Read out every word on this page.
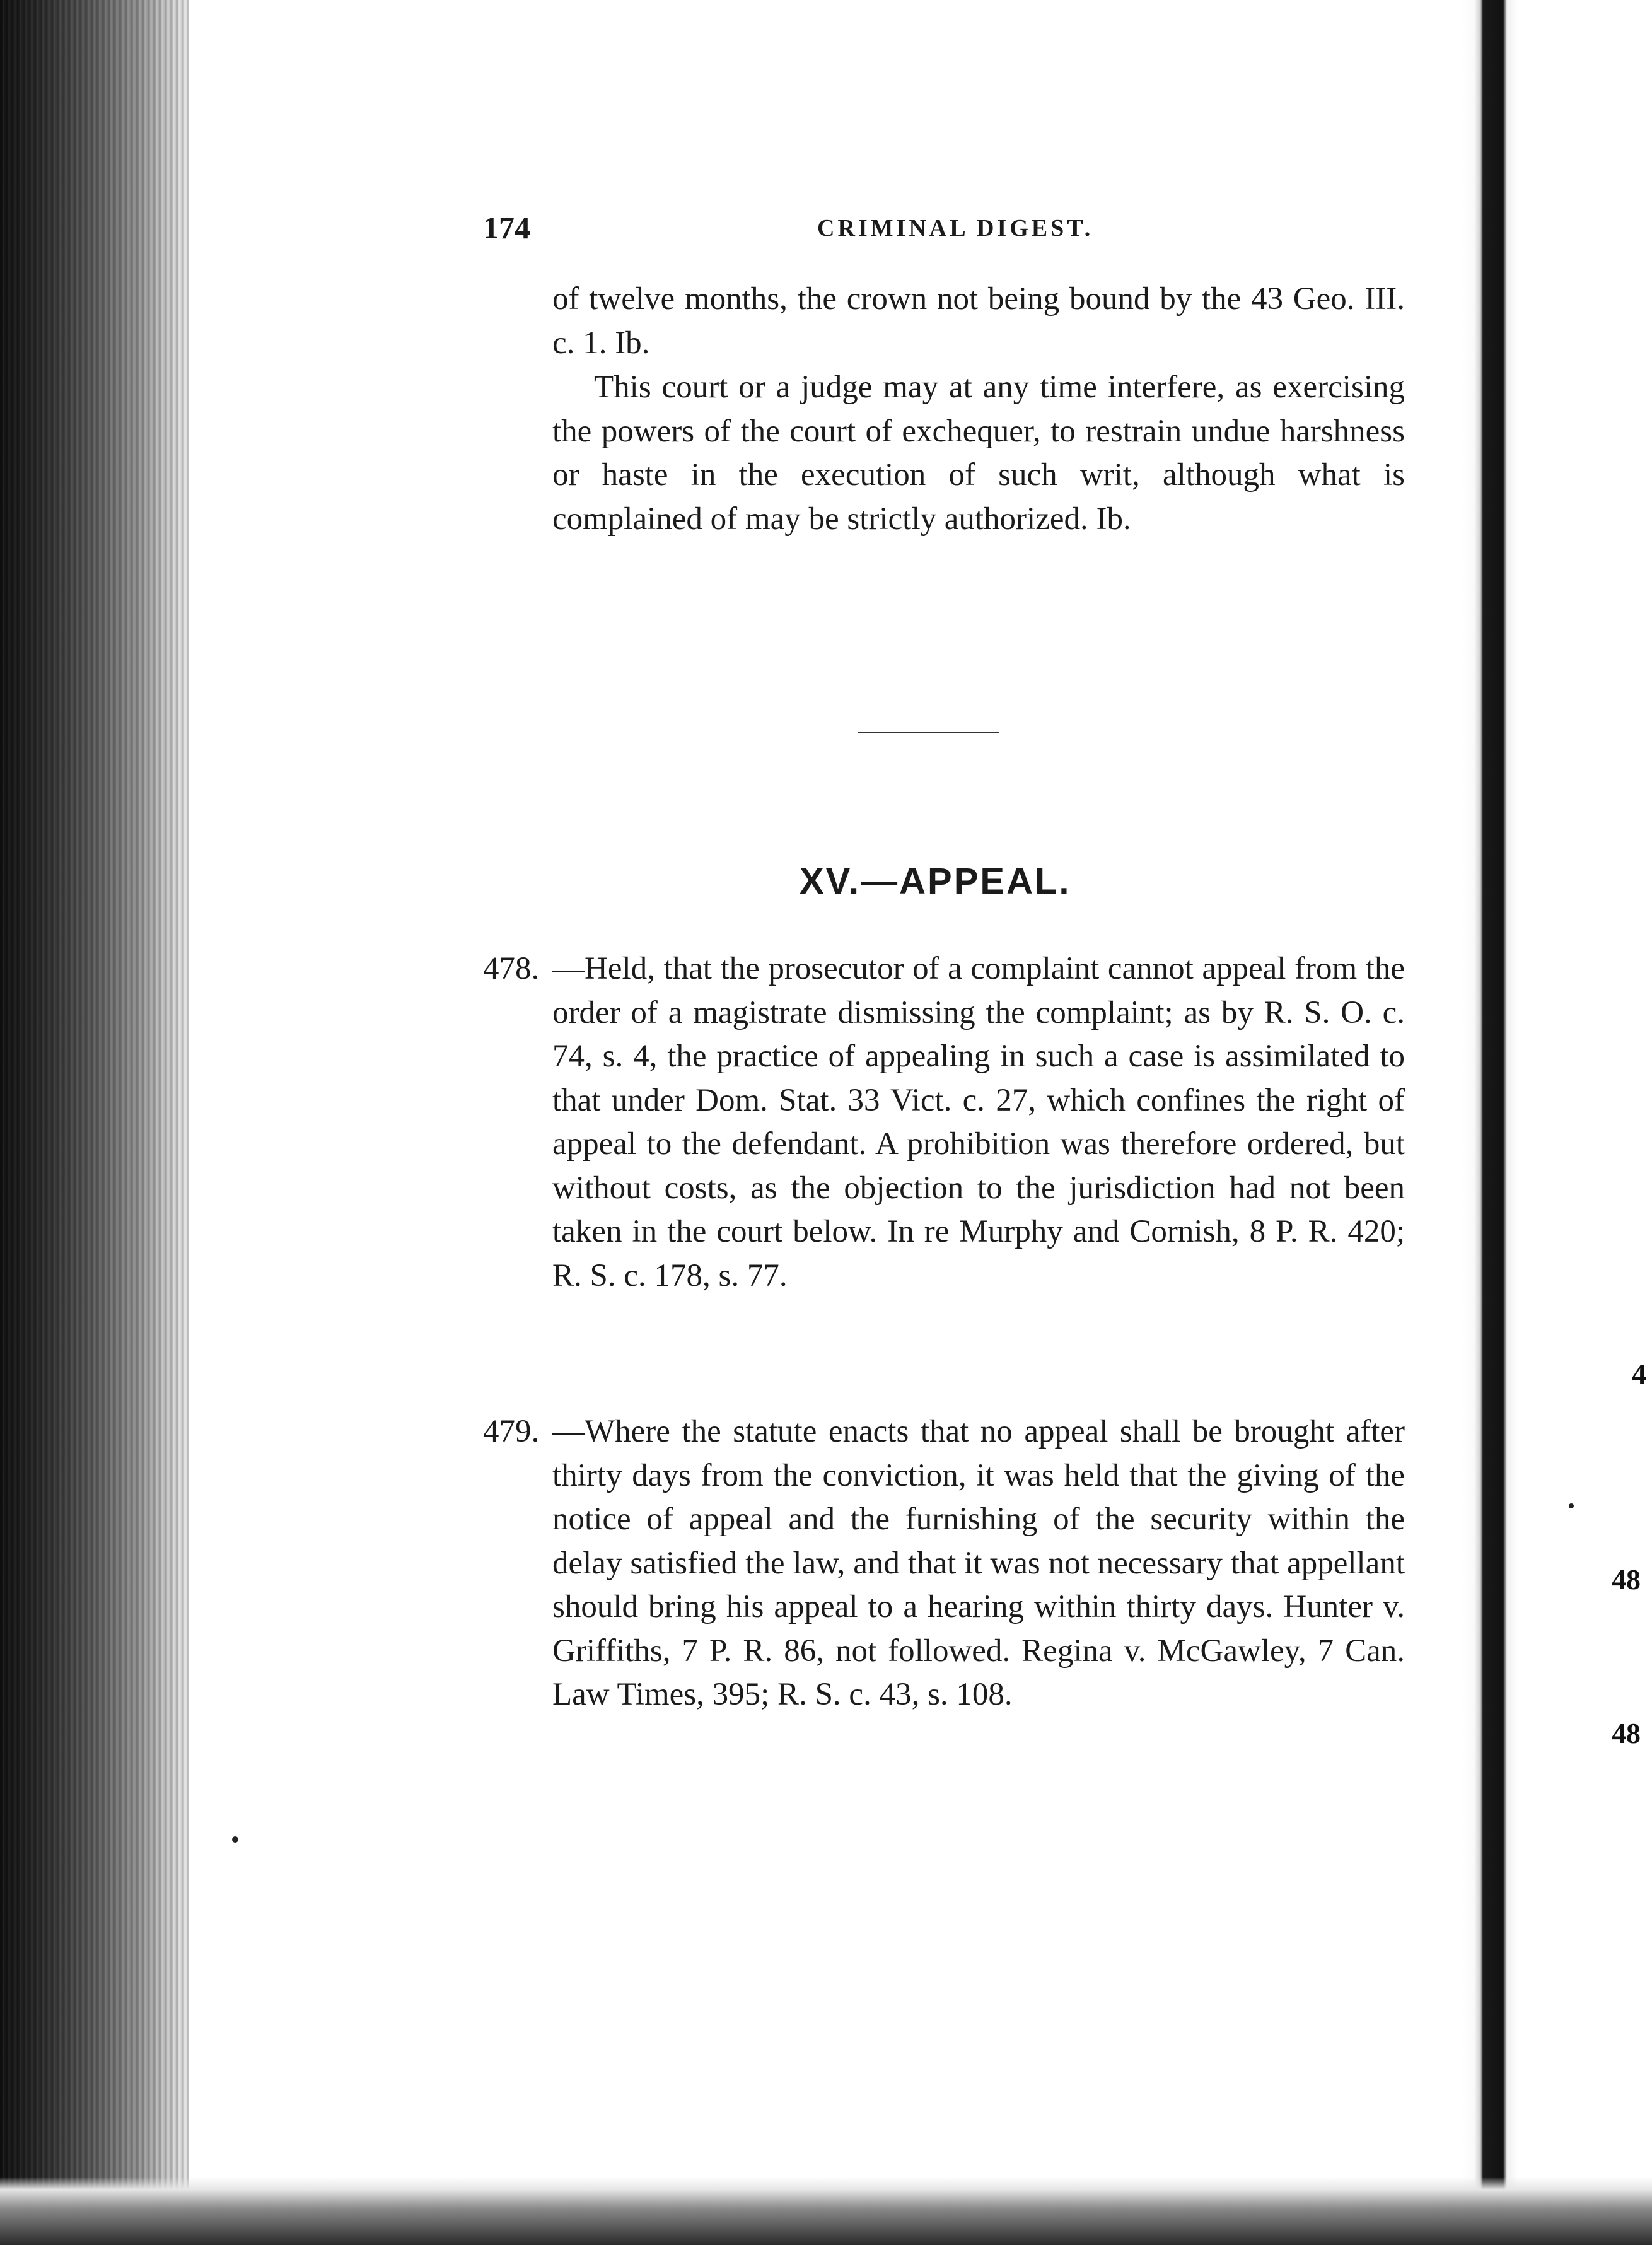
174	CRIMINAL DIGEST.

of twelve months, the crown not being bound by the 43 Geo. III. c. 1. Ib.

This court or a judge may at any time interfere, as exercising the powers of the court of exchequer, to restrain undue harshness or haste in the execution of such writ, although what is complained of may be strictly authorized. Ib.

XV.—APPEAL.
478. —Held, that the prosecutor of a complaint cannot appeal from the order of a magistrate dismissing the complaint; as by R. S. O. c. 74, s. 4, the practice of appealing in such a case is assimilated to that under Dom. Stat. 33 Vict. c. 27, which confines the right of appeal to the defendant. A prohibition was therefore ordered, but without costs, as the objection to the jurisdiction had not been taken in the court below. In re Murphy and Cornish, 8 P. R. 420; R. S. c. 178, s. 77.
479. —Where the statute enacts that no appeal shall be brought after thirty days from the conviction, it was held that the giving of the notice of appeal and the furnishing of the security within the delay satisfied the law, and that it was not necessary that appellant should bring his appeal to a hearing within thirty days. Hunter v. Griffiths, 7 P. R. 86, not followed. Regina v. McGawley, 7 Can. Law Times, 395; R. S. c. 43, s. 108.
4
48
48
